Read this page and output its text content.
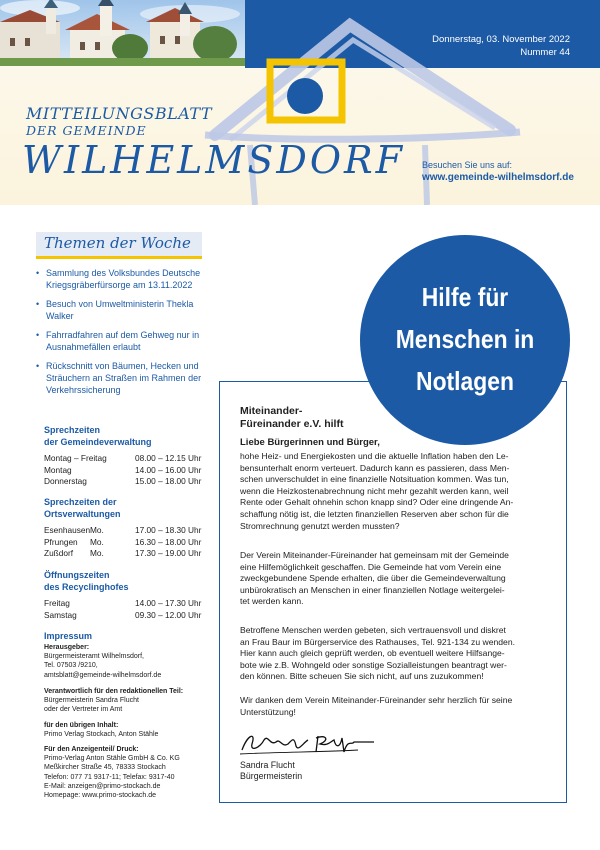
Donnerstag, 03. November 2022
Nummer 44
MITTEILUNGSBLATT
DER GEMEINDE
WILHELMSDORF Besuchen Sie uns auf:
www.gemeinde-wilhelmsdorf.de
Themen der Woche
• Sammlung des Volksbundes Deutsche Kriegsgräberfürsorge am 13.11.2022
• Besuch von Umweltministerin Thekla Walker
• Fahrradfahren auf dem Gehweg nur in Ausnahmefällen erlaubt
• Rückschnitt von Bäumen, Hecken und Sträuchern an Straßen im Rahmen der Verkehrssicherung
Sprechzeiten
der Gemeindeverwaltung
Montag – Freitag	08.00 – 12.15 Uhr
Montag	14.00 – 16.00 Uhr
Donnerstag	15.00 – 18.00 Uhr
Sprechzeiten der
Ortsverwaltungen
Esenhausen Mo.	17.00 – 18.30 Uhr
Pfrungen Mo.	16.30 – 18.00 Uhr
Zußdorf Mo.	17.30 – 19.00 Uhr
Öffnungszeiten
des Recyclinghofes
Freitag	14.00 – 17.30 Uhr
Samstag	09.30 – 12.00 Uhr
Impressum
Herausgeber:
Bürgermeisteramt Wilhelmsdorf,
Tel. 07503 /9210,
amtsblatt@gemeinde-wilhelmsdorf.de
Verantwortlich für den redaktionellen Teil:
Bürgermeisterin Sandra Flucht
oder der Vertreter im Amt
für den übrigen Inhalt:
Primo Verlag Stockach, Anton Stähle
Für den Anzeigenteil/ Druck:
Primo-Verlag Anton Stähle GmbH & Co. KG
Meßkircher Straße 45, 78333 Stockach
Telefon: 077 71 9317-11; Telefax: 9317-40
E-Mail: anzeigen@primo-stockach.de
Homepage: www.primo-stockach.de
Hilfe für
Menschen in
Notlagen
Miteinander-
Füreinander e.V. hilft
Liebe Bürgerinnen und Bürger,
hohe Heiz- und Energiekosten und die aktuelle Inflation haben den Le-
bensunterhalt enorm verteuert. Dadurch kann es passieren, dass Men-
schen unverschuldet in eine finanzielle Notsituation kommen. Was tun,
wenn die Heizkostenabrechnung nicht mehr gezahlt werden kann, weil
Rente oder Gehalt ohnehin schon knapp sind? Oder eine dringende An-
schaffung nötig ist, die letzten finanziellen Reserven aber schon für die
Stromrechnung genutzt werden mussten?
Der Verein Miteinander-Füreinander hat gemeinsam mit der Gemeinde
eine Hilfemöglichkeit geschaffen. Die Gemeinde hat vom Verein eine
zweckgebundene Spende erhalten, die über die Gemeindeverwaltung
unbürokratisch an Menschen in einer finanziellen Notlage weitergelei-
tet werden kann.
Betroffene Menschen werden gebeten, sich vertrauensvoll und diskret
an Frau Baur im Bürgerservice des Rathauses, Tel. 921-134 zu wenden.
Hier kann auch gleich geprüft werden, ob eventuell weitere Hilfsange-
bote wie z.B. Wohngeld oder sonstige Sozialleistungen beantragt wer-
den können. Bitte scheuen Sie sich nicht, auf uns zuzukommen!
Wir danken dem Verein Miteinander-Füreinander sehr herzlich für seine
Unterstützung!
Sandra Flucht
Bürgermeisterin
